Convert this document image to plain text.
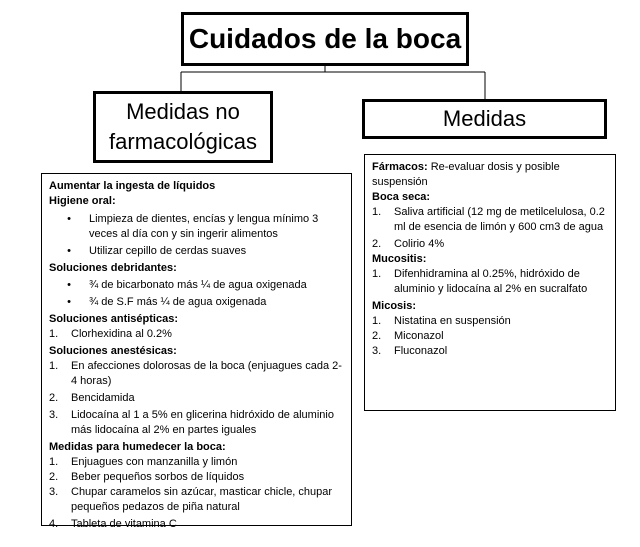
Cuidados de la boca
Medidas no
farmacológicas
Medidas
Aumentar la ingesta de líquidos
Higiene oral:
•	Limpieza de dientes, encías y lengua mínimo 3 veces al día con y sin ingerir alimentos
•	Utilizar cepillo de cerdas suaves
Soluciones debridantes:
•	¾ de bicarbonato más ¼ de agua oxigenada
•	¾ de S.F más ¼ de agua oxigenada
Soluciones antisépticas:
1.	Clorhexidina al 0.2%
Soluciones anestésicas:
1.	En afecciones dolorosas de la boca (enjuagues cada 2-4 horas)
2.	Bencidamida
3.	Lidocaína al 1 a 5% en glicerina hidróxido de aluminio más lidocaína al 2% en partes iguales
Medidas para humedecer la boca:
1.	Enjuagues con manzanilla y limón
2.	Beber pequeños sorbos de líquidos
3.	Chupar caramelos sin azúcar, masticar chicle, chupar pequeños pedazos de piña natural
4.	Tableta de vitamina C
Fármacos: Re-evaluar dosis y posible suspensión
Boca seca:
1.	Saliva artificial (12 mg de metilcelulosa, 0.2 ml de esencia de limón y 600 cm3 de agua
2.	Colirio 4%
Mucositis:
1.	Difenhidramina al 0.25%, hidróxido de aluminio y lidocaína al 2% en sucralfato
Micosis:
1.	Nistatina en suspensión
2.	Miconazol
3.	Fluconazol
